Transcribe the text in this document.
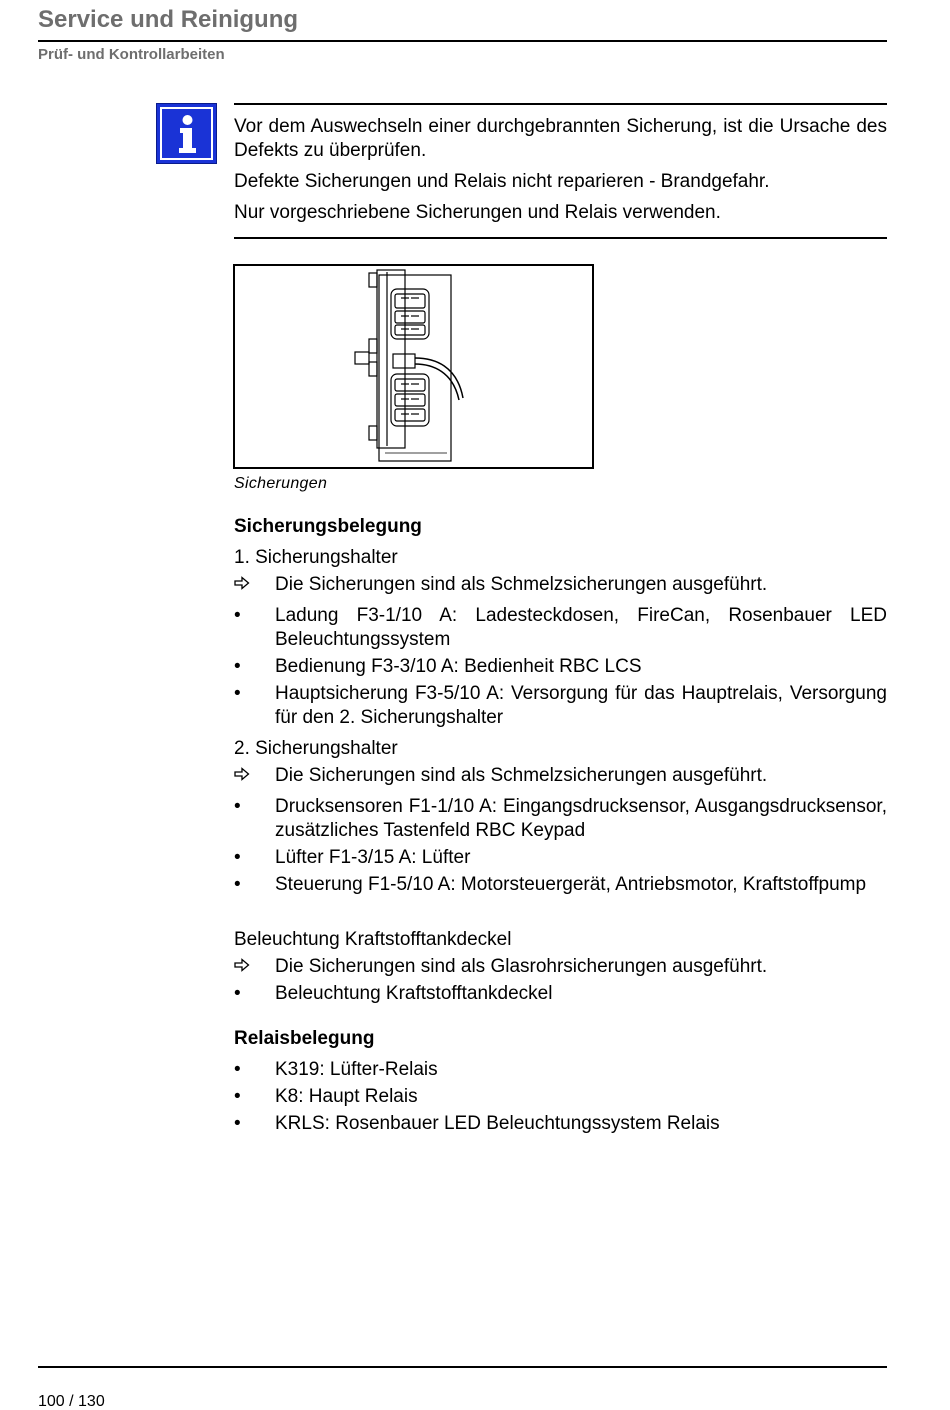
Service und Reinigung
Prüf- und Kontrollarbeiten
Vor dem Auswechseln einer durchgebrannten Sicherung, ist die Ursache des Defekts zu überprüfen.
Defekte Sicherungen und Relais nicht reparieren - Brandgefahr.
Nur vorgeschriebene Sicherungen und Relais verwenden.
Sicherungen
Sicherungsbelegung
1. Sicherungshalter
Die Sicherungen sind als Schmelzsicherungen ausgeführt.
•	Ladung F3-1/10 A: Ladesteckdosen, FireCan, Rosenbauer LED Beleuchtungssystem
•	Bedienung F3-3/10 A: Bedienheit RBC LCS
•	Hauptsicherung F3-5/10 A: Versorgung für das Hauptrelais, Versorgung für den 2. Sicherungshalter
2. Sicherungshalter
Die Sicherungen sind als Schmelzsicherungen ausgeführt.
•	Drucksensoren F1-1/10 A: Eingangsdrucksensor, Ausgangsdrucksensor, zusätzliches Tastenfeld RBC Keypad
•	Lüfter F1-3/15 A: Lüfter
•	Steuerung F1-5/10 A: Motorsteuergerät, Antriebsmotor, Kraftstoffpump
Beleuchtung Kraftstofftankdeckel
Die Sicherungen sind als Glasrohrsicherungen ausgeführt.
•	Beleuchtung Kraftstofftankdeckel
Relaisbelegung
•	K319: Lüfter-Relais
•	K8: Haupt Relais
•	KRLS: Rosenbauer LED Beleuchtungssystem Relais
100 / 130
